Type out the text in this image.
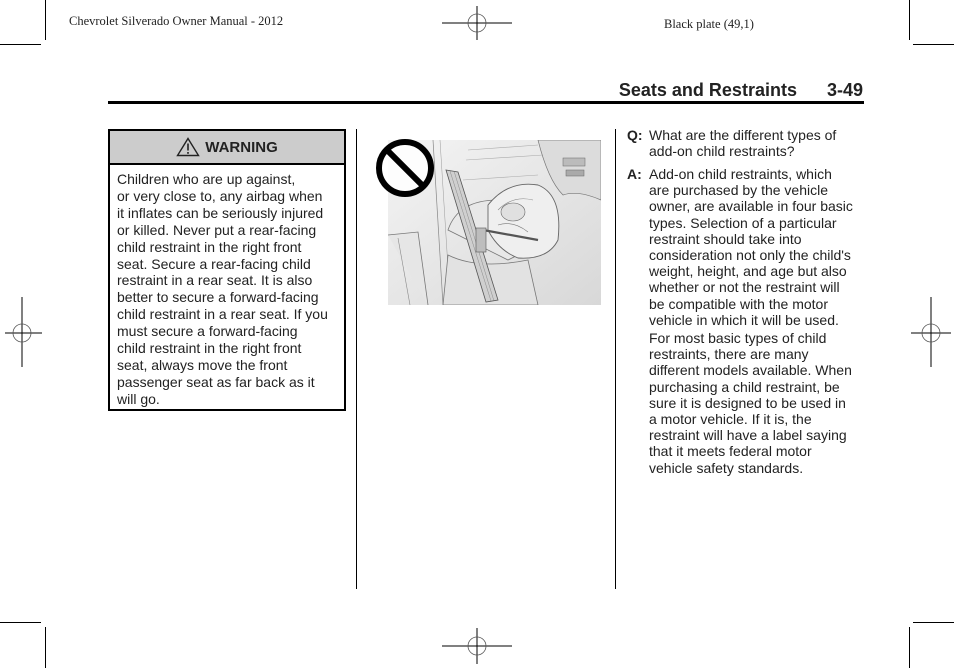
Chevrolet Silverado Owner Manual - 2012	Black plate (49,1)
Seats and Restraints 3-49
WARNING
Children who are up against,
or very close to, any airbag when
it inflates can be seriously injured
or killed. Never put a rear-facing
child restraint in the right front
seat. Secure a rear-facing child
restraint in a rear seat. It is also
better to secure a forward-facing
child restraint in a rear seat. If you
must secure a forward-facing
child restraint in the right front
seat, always move the front
passenger seat as far back as it
will go.
Q: What are the different types of
add-on child restraints?
A: Add-on child restraints, which
are purchased by the vehicle
owner, are available in four basic
types. Selection of a particular
restraint should take into
consideration not only the child's
weight, height, and age but also
whether or not the restraint will
be compatible with the motor
vehicle in which it will be used.
For most basic types of child
restraints, there are many
different models available. When
purchasing a child restraint, be
sure it is designed to be used in
a motor vehicle. If it is, the
restraint will have a label saying
that it meets federal motor
vehicle safety standards.
